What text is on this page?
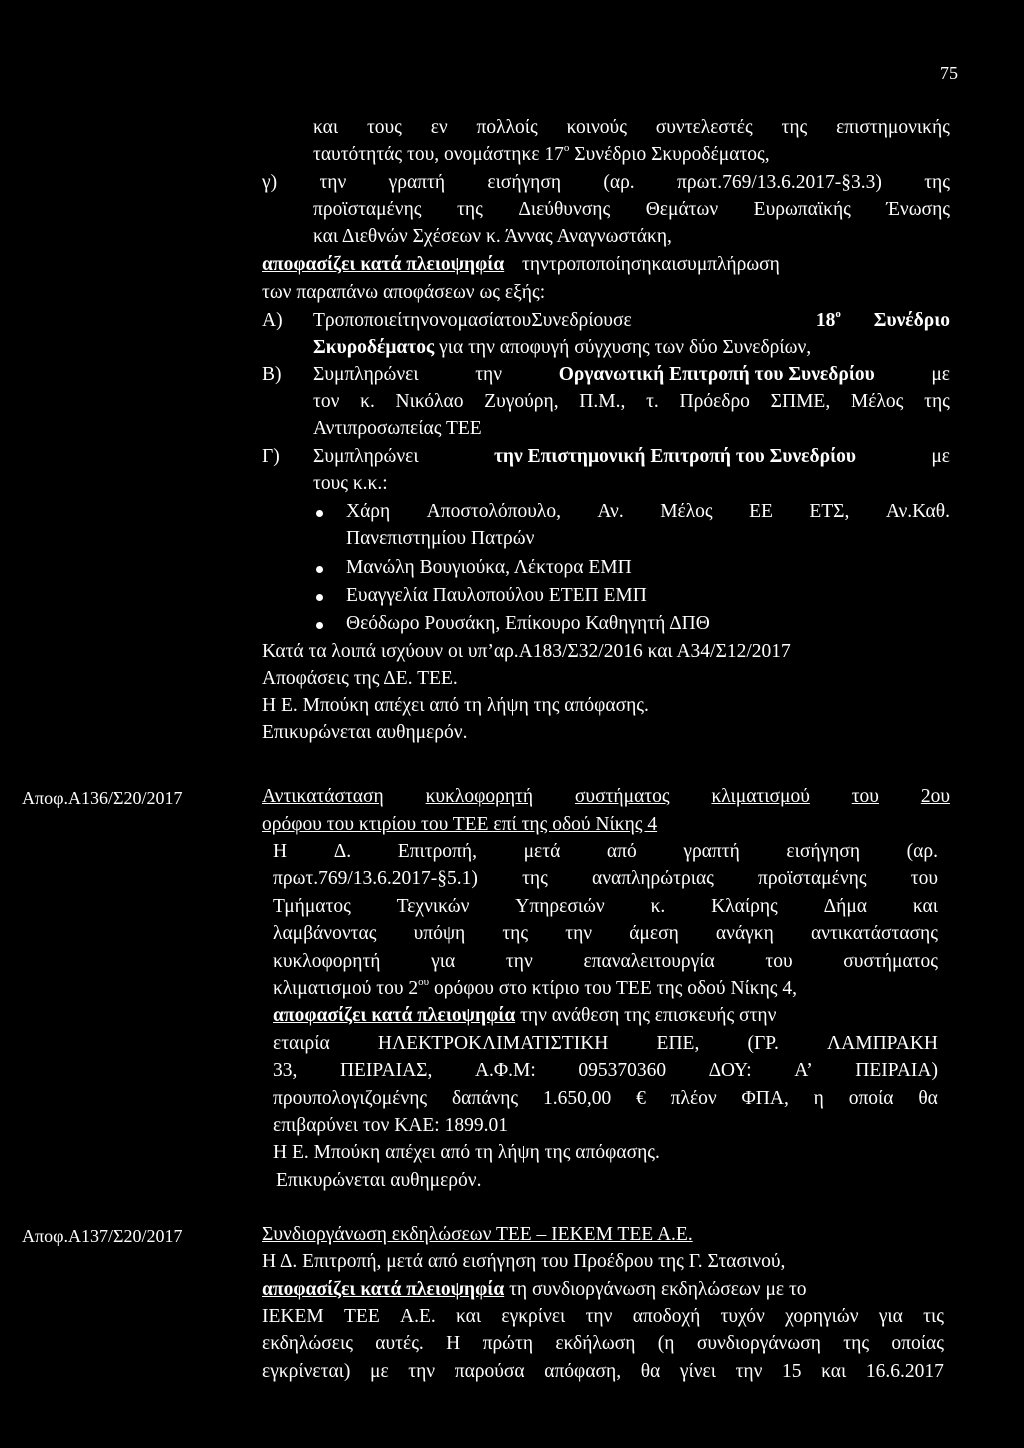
75
και τους εν πολλοίς κοινούς συντελεστές της επιστημονικής
ταυτότητάς του, ονομάστηκε $17^o$ Συνέδριο Σκυροδέματος,
γ) την γραπτή εισήγηση (αρ. πρωτ.769/13.6.2017-§3.3) της
προϊσταμένης της Διεύθυνσης Θεμάτων Ευρωπαϊκής Ένωσης
και Διεθνών Σχέσεων κ. Άννας Αναγνωστάκη,
αποφασίζει κατά πλειοψηφία τηντροποποίησηκαισυμπλήρωση
των παραπάνω αποφάσεων ως εξής:
Α) ΤροποποιείτηνονομασίατουΣυνεδρίουσε	$18^o$ Συνέδριο
Σκυροδέματος για την αποφυγή σύγχυσης των δύο Συνεδρίων,
Β) Συμπληρώνει	την	Οργανωτική Επιτροπή του Συνεδρίου	με
τον κ. Νικόλαο Ζυγούρη, Π.Μ., τ. Πρόεδρο ΣΠΜΕ, Μέλος της
Αντιπροσωπείας ΤΕΕ
Γ) Συμπληρώνει	την Επιστημονική Επιτροπή του Συνεδρίου	με
τους κ.κ.:
Χάρη Αποστολόπουλο, Αν. Μέλος ΕΕ ΕΤΣ, Αν.Καθ.
Πανεπιστημίου Πατρών
Μανώλη Βουγιούκα, Λέκτορα ΕΜΠ
Ευαγγελία Παυλοπούλου ΕΤΕΠ ΕΜΠ
Θεόδωρο Ρουσάκη, Επίκουρο Καθηγητή ΔΠΘ
Κατά τα λοιπά ισχύουν οι υπ’αρ.Α183/Σ32/2016 και Α34/Σ12/2017
Αποφάσεις της ΔΕ. ΤΕΕ.
Η Ε. Μπούκη απέχει από τη λήψη της απόφασης.
Επικυρώνεται αυθημερόν.
Αποφ.Α136/Σ20/2017	Αντικατάσταση κυκλοφορητή συστήματος κλιματισμού του 2ου
ορόφου του κτιρίου του ΤΕΕ επί της οδού Νίκης 4
Η Δ. Επιτροπή, μετά από γραπτή εισήγηση (αρ.
πρωτ.769/13.6.2017-§5.1) της αναπληρώτριας προϊσταμένης του
Τμήματος Τεχνικών Υπηρεσιών κ. Κλαίρης Δήμα και
λαμβάνοντας υπόψη της την άμεση ανάγκη αντικατάστασης
κυκλοφορητή	για	την	επαναλειτουργία	του	συστήματος
κλιματισμού του $2^{o\upsilon}$ ορόφου στο κτίριο του ΤΕΕ της οδού Νίκης 4,
αποφασίζει κατά πλειοψηφία την ανάθεση της επισκευής στην
εταιρία ΗΛΕΚΤΡΟΚΛΙΜΑΤΙΣΤΙΚΗ ΕΠΕ, (ΓΡ. ΛΑΜΠΡΑΚΗ
33, ΠΕΙΡΑΙΑΣ, Α.Φ.Μ: 095370360 ΔΟΥ: Α’ ΠΕΙΡΑΙΑ)
προυπολογιζομένης δαπάνης 1.650,00 € πλέον ΦΠΑ, η οποία θα
επιβαρύνει τον ΚΑΕ: 1899.01
Η Ε. Μπούκη απέχει από τη λήψη της απόφασης.
Επικυρώνεται αυθημερόν.
Αποφ.Α137/Σ20/2017	Συνδιοργάνωση εκδηλώσεων ΤΕΕ – ΙΕΚΕΜ ΤΕΕ Α.Ε.
Η Δ. Επιτροπή, μετά από εισήγηση του Προέδρου της Γ. Στασινού,
αποφασίζει κατά πλειοψηφία τη συνδιοργάνωση εκδηλώσεων με το
ΙΕΚΕΜ ΤΕΕ Α.Ε. και εγκρίνει την αποδοχή τυχόν χορηγιών για τις
εκδηλώσεις αυτές. Η πρώτη εκδήλωση (η συνδιοργάνωση της οποίας
εγκρίνεται) με την παρούσα απόφαση, θα γίνει την 15 και 16.6.2017
